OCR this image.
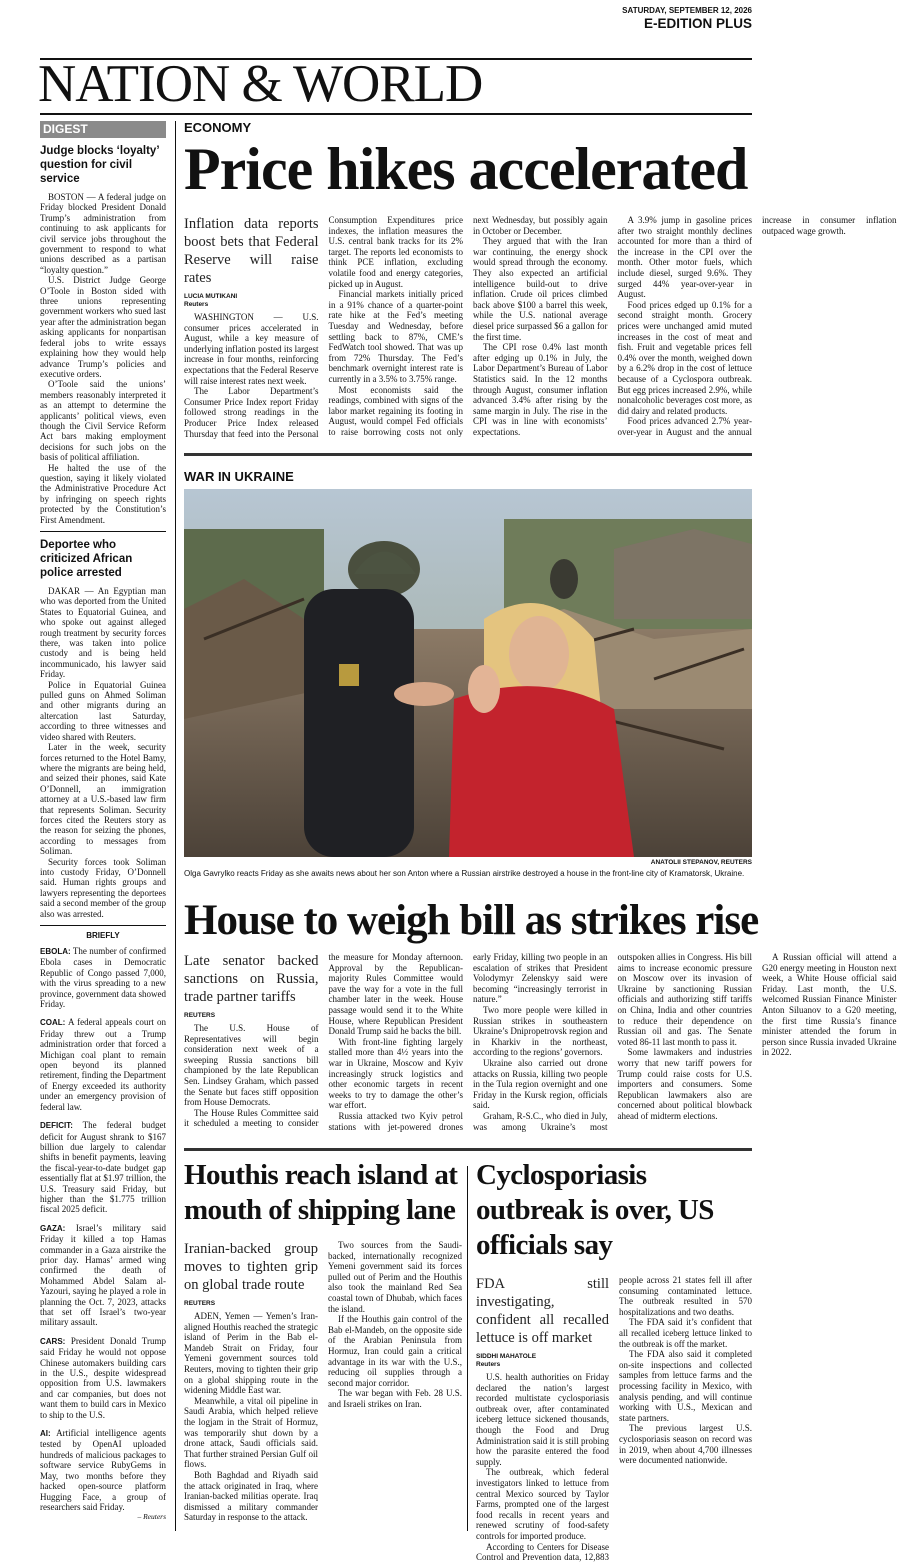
SATURDAY, SEPTEMBER 12, 2026
E-EDITION PLUS
NATION & WORLD
DIGEST
Judge blocks ‘loyalty’ question for civil service

BOSTON — A federal judge on Friday blocked President Donald Trump’s administration from continuing to ask applicants for civil service jobs throughout the government to respond to what unions described as a partisan “loyalty question.”

U.S. District Judge George O’Toole in Boston sided with three unions representing government workers who sued last year after the administration began asking applicants for nonpartisan federal jobs to write essays explaining how they would help advance Trump’s policies and executive orders.

O’Toole said the unions’ members reasonably interpreted it as an attempt to determine the applicants’ political views, even though the Civil Service Reform Act bars making employment decisions for such jobs on the basis of political affiliation.

He halted the use of the question, saying it likely violated the Administrative Procedure Act by infringing on speech rights protected by the Constitution’s First Amendment.

Deportee who criticized African police arrested

DAKAR — An Egyptian man who was deported from the United States to Equatorial Guinea, and who spoke out against alleged rough treatment by security forces there, was taken into police custody and is being held incommunicado, his lawyer said Friday.

Police in Equatorial Guinea pulled guns on Ahmed Soliman and other migrants during an altercation last Saturday, according to three witnesses and video shared with Reuters.

Later in the week, security forces returned to the Hotel Bamy, where the migrants are being held, and seized their phones, said Kate O’Donnell, an immigration attorney at a U.S.-based law firm that represents Soliman. Security forces cited the Reuters story as the reason for seizing the phones, according to messages from Soliman.

Security forces took Soliman into custody Friday, O’Donnell said. Human rights groups and lawyers representing the deportees said a second member of the group also was arrested.

BRIEFLY

EBOLA: The number of confirmed Ebola cases in Democratic Republic of Congo passed 7,000, with the virus spreading to a new province, government data showed Friday.

COAL: A federal appeals court on Friday threw out a Trump administration order that forced a Michigan coal plant to remain open beyond its planned retirement, finding the Department of Energy exceeded its authority under an emergency provision of federal law.

DEFICIT: The federal budget deficit for August shrank to $167 billion due largely to calendar shifts in benefit payments, leaving the fiscal-year-to-date budget gap essentially flat at $1.97 trillion, the U.S. Treasury said Friday, but higher than the $1.775 trillion fiscal 2025 deficit.

GAZA: Israel’s military said Friday it killed a top Hamas commander in a Gaza airstrike the prior day. Hamas’ armed wing confirmed the death of Mohammed Abdel Salam al-Yazouri, saying he played a role in planning the Oct. 7, 2023, attacks that set off Israel’s two-year military assault.

CARS: President Donald Trump said Friday he would not oppose Chinese automakers building cars in the U.S., despite widespread opposition from U.S. lawmakers and car companies, but does not want them to build cars in Mexico to ship to the U.S.

AI: Artificial intelligence agents tested by OpenAI uploaded hundreds of malicious packages to software service RubyGems in May, two months before they hacked open-source platform Hugging Face, a group of researchers said Friday.

– Reuters
ECONOMY
Price hikes accelerated
Inflation data reports boost bets that Federal Reserve will raise rates
LUCIA MUTIKANI
Reuters

WASHINGTON — U.S. consumer prices accelerated in August, while a key measure of underlying inflation posted its largest increase in four months, reinforcing expectations that the Federal Reserve will raise interest rates next week.

The Labor Department’s Consumer Price Index report Friday followed strong readings in the Producer Price Index released Thursday that feed into the Personal Consumption Expenditures price indexes, the inflation measures the U.S. central bank tracks for its 2% target. The reports led economists to think PCE inflation, excluding volatile food and energy categories, picked up in August.

Financial markets initially priced in a 91% chance of a quarter-point rate hike at the Fed’s meeting Tuesday and Wednesday, before settling back to 87%, CME’s FedWatch tool showed. That was up from 72% Thursday. The Fed’s benchmark overnight interest rate is currently in a 3.5% to 3.75% range.

Most economists said the readings, combined with signs of the labor market regaining its footing in August, would compel Fed officials to raise borrowing costs not only next Wednesday, but possibly again in October or December.

They argued that with the Iran war continuing, the energy shock would spread through the economy. They also expected an artificial intelligence build-out to drive inflation. Crude oil prices climbed back above $100 a barrel this week, while the U.S. national average diesel price surpassed $6 a gallon for the first time.

The CPI rose 0.4% last month after edging up 0.1% in July, the Labor Department’s Bureau of Labor Statistics said. In the 12 months through August, consumer inflation advanced 3.4% after rising by the same margin in July. The rise in the CPI was in line with economists’ expectations.

A 3.9% jump in gasoline prices after two straight monthly declines accounted for more than a third of the increase in the CPI over the month. Other motor fuels, which include diesel, surged 9.6%. They surged 44% year-over-year in August.

Food prices edged up 0.1% for a second straight month. Grocery prices were unchanged amid muted increases in the cost of meat and fish. Fruit and vegetable prices fell 0.4% over the month, weighed down by a 6.2% drop in the cost of lettuce because of a Cyclospora outbreak. But egg prices increased 2.9%, while nonalcoholic beverages cost more, as did dairy and related products.

Food prices advanced 2.7% year-over-year in August and the annual increase in consumer inflation outpaced wage growth.

WAR IN UKRAINE
ANATOLII STEPANOV, REUTERS
Olga Gavrylko reacts Friday as she awaits news about her son Anton where a Russian airstrike destroyed a house in the front-line city of Kramatorsk, Ukraine.
House to weigh bill as strikes rise
Late senator backed sanctions on Russia, trade partner tariffs
REUTERS

The U.S. House of Representatives will begin consideration next week of a sweeping Russia sanctions bill championed by the late Republican Sen. Lindsey Graham, which passed the Senate but faces stiff opposition from House Democrats.

The House Rules Committee said it scheduled a meeting to consider the measure for Monday afternoon. Approval by the Republican-majority Rules Committee would pave the way for a vote in the full chamber later in the week. House passage would send it to the White House, where Republican President Donald Trump said he backs the bill.

With front-line fighting largely stalled more than 4½ years into the war in Ukraine, Moscow and Kyiv increasingly struck logistics and other economic targets in recent weeks to try to damage the other’s war effort.

Russia attacked two Kyiv petrol stations with jet-powered drones early Friday, killing two people in an escalation of strikes that President Volodymyr Zelenskyy said were becoming “increasingly terrorist in nature.”

Two more people were killed in Russian strikes in southeastern Ukraine’s Dnipropetrovsk region and in Kharkiv in the northeast, according to the regions’ governors.

Ukraine also carried out drone attacks on Russia, killing two people in the Tula region overnight and one Friday in the Kursk region, officials said.

Graham, R-S.C., who died in July, was among Ukraine’s most outspoken allies in Congress. His bill aims to increase economic pressure on Moscow over its invasion of Ukraine by sanctioning Russian officials and authorizing stiff tariffs on China, India and other countries to reduce their dependence on Russian oil and gas. The Senate voted 86-11 last month to pass it.

Some lawmakers and industries worry that new tariff powers for Trump could raise costs for U.S. importers and consumers. Some Republican lawmakers also are concerned about political blowback ahead of midterm elections.

A Russian official will attend a G20 energy meeting in Houston next week, a White House official said Friday. Last month, the U.S. welcomed Russian Finance Minister Anton Siluanov to a G20 meeting, the first time Russia’s finance minister attended the forum in person since Russia invaded Ukraine in 2022.

Houthis reach island at mouth of shipping lane
Iranian-backed group moves to tighten grip on global trade route
REUTERS

ADEN, Yemen — Yemen’s Iran-aligned Houthis reached the strategic island of Perim in the Bab el-Mandeb Strait on Friday, four Yemeni government sources told Reuters, moving to tighten their grip on a global shipping route in the widening Middle East war.

Meanwhile, a vital oil pipeline in Saudi Arabia, which helped relieve the logjam in the Strait of Hormuz, was temporarily shut down by a drone attack, Saudi officials said. That further strained Persian Gulf oil flows.

Both Baghdad and Riyadh said the attack originated in Iraq, where Iranian-backed militias operate. Iraq dismissed a military commander Saturday in response to the attack.

Two sources from the Saudi-backed, internationally recognized Yemeni government said its forces pulled out of Perim and the Houthis also took the mainland Red Sea coastal town of Dhubab, which faces the island.

If the Houthis gain control of the Bab el-Mandeb, on the opposite side of the Arabian Peninsula from Hormuz, Iran could gain a critical advantage in its war with the U.S., reducing oil supplies through a second major corridor.

The war began with Feb. 28 U.S. and Israeli strikes on Iran.

Cyclosporiasis outbreak is over, US officials say
FDA still investigating, confident all recalled lettuce is off market
SIDDHI MAHATOLE
Reuters

U.S. health authorities on Friday declared the nation’s largest recorded multistate cyclosporiasis outbreak over, after contaminated iceberg lettuce sickened thousands, though the Food and Drug Administration said it is still probing how the parasite entered the food supply.

The outbreak, which federal investigators linked to lettuce from central Mexico sourced by Taylor Farms, prompted one of the largest food recalls in recent years and renewed scrutiny of food-safety controls for imported produce.

According to Centers for Disease Control and Prevention data, 12,883 people across 21 states fell ill after consuming contaminated lettuce. The outbreak resulted in 570 hospitalizations and two deaths.

The FDA said it’s confident that all recalled iceberg lettuce linked to the outbreak is off the market.

The FDA also said it completed on-site inspections and collected samples from lettuce farms and the processing facility in Mexico, with analysis pending, and will continue working with U.S., Mexican and state partners.

The previous largest U.S. cyclosporiasis season on record was in 2019, when about 4,700 illnesses were documented nationwide.
